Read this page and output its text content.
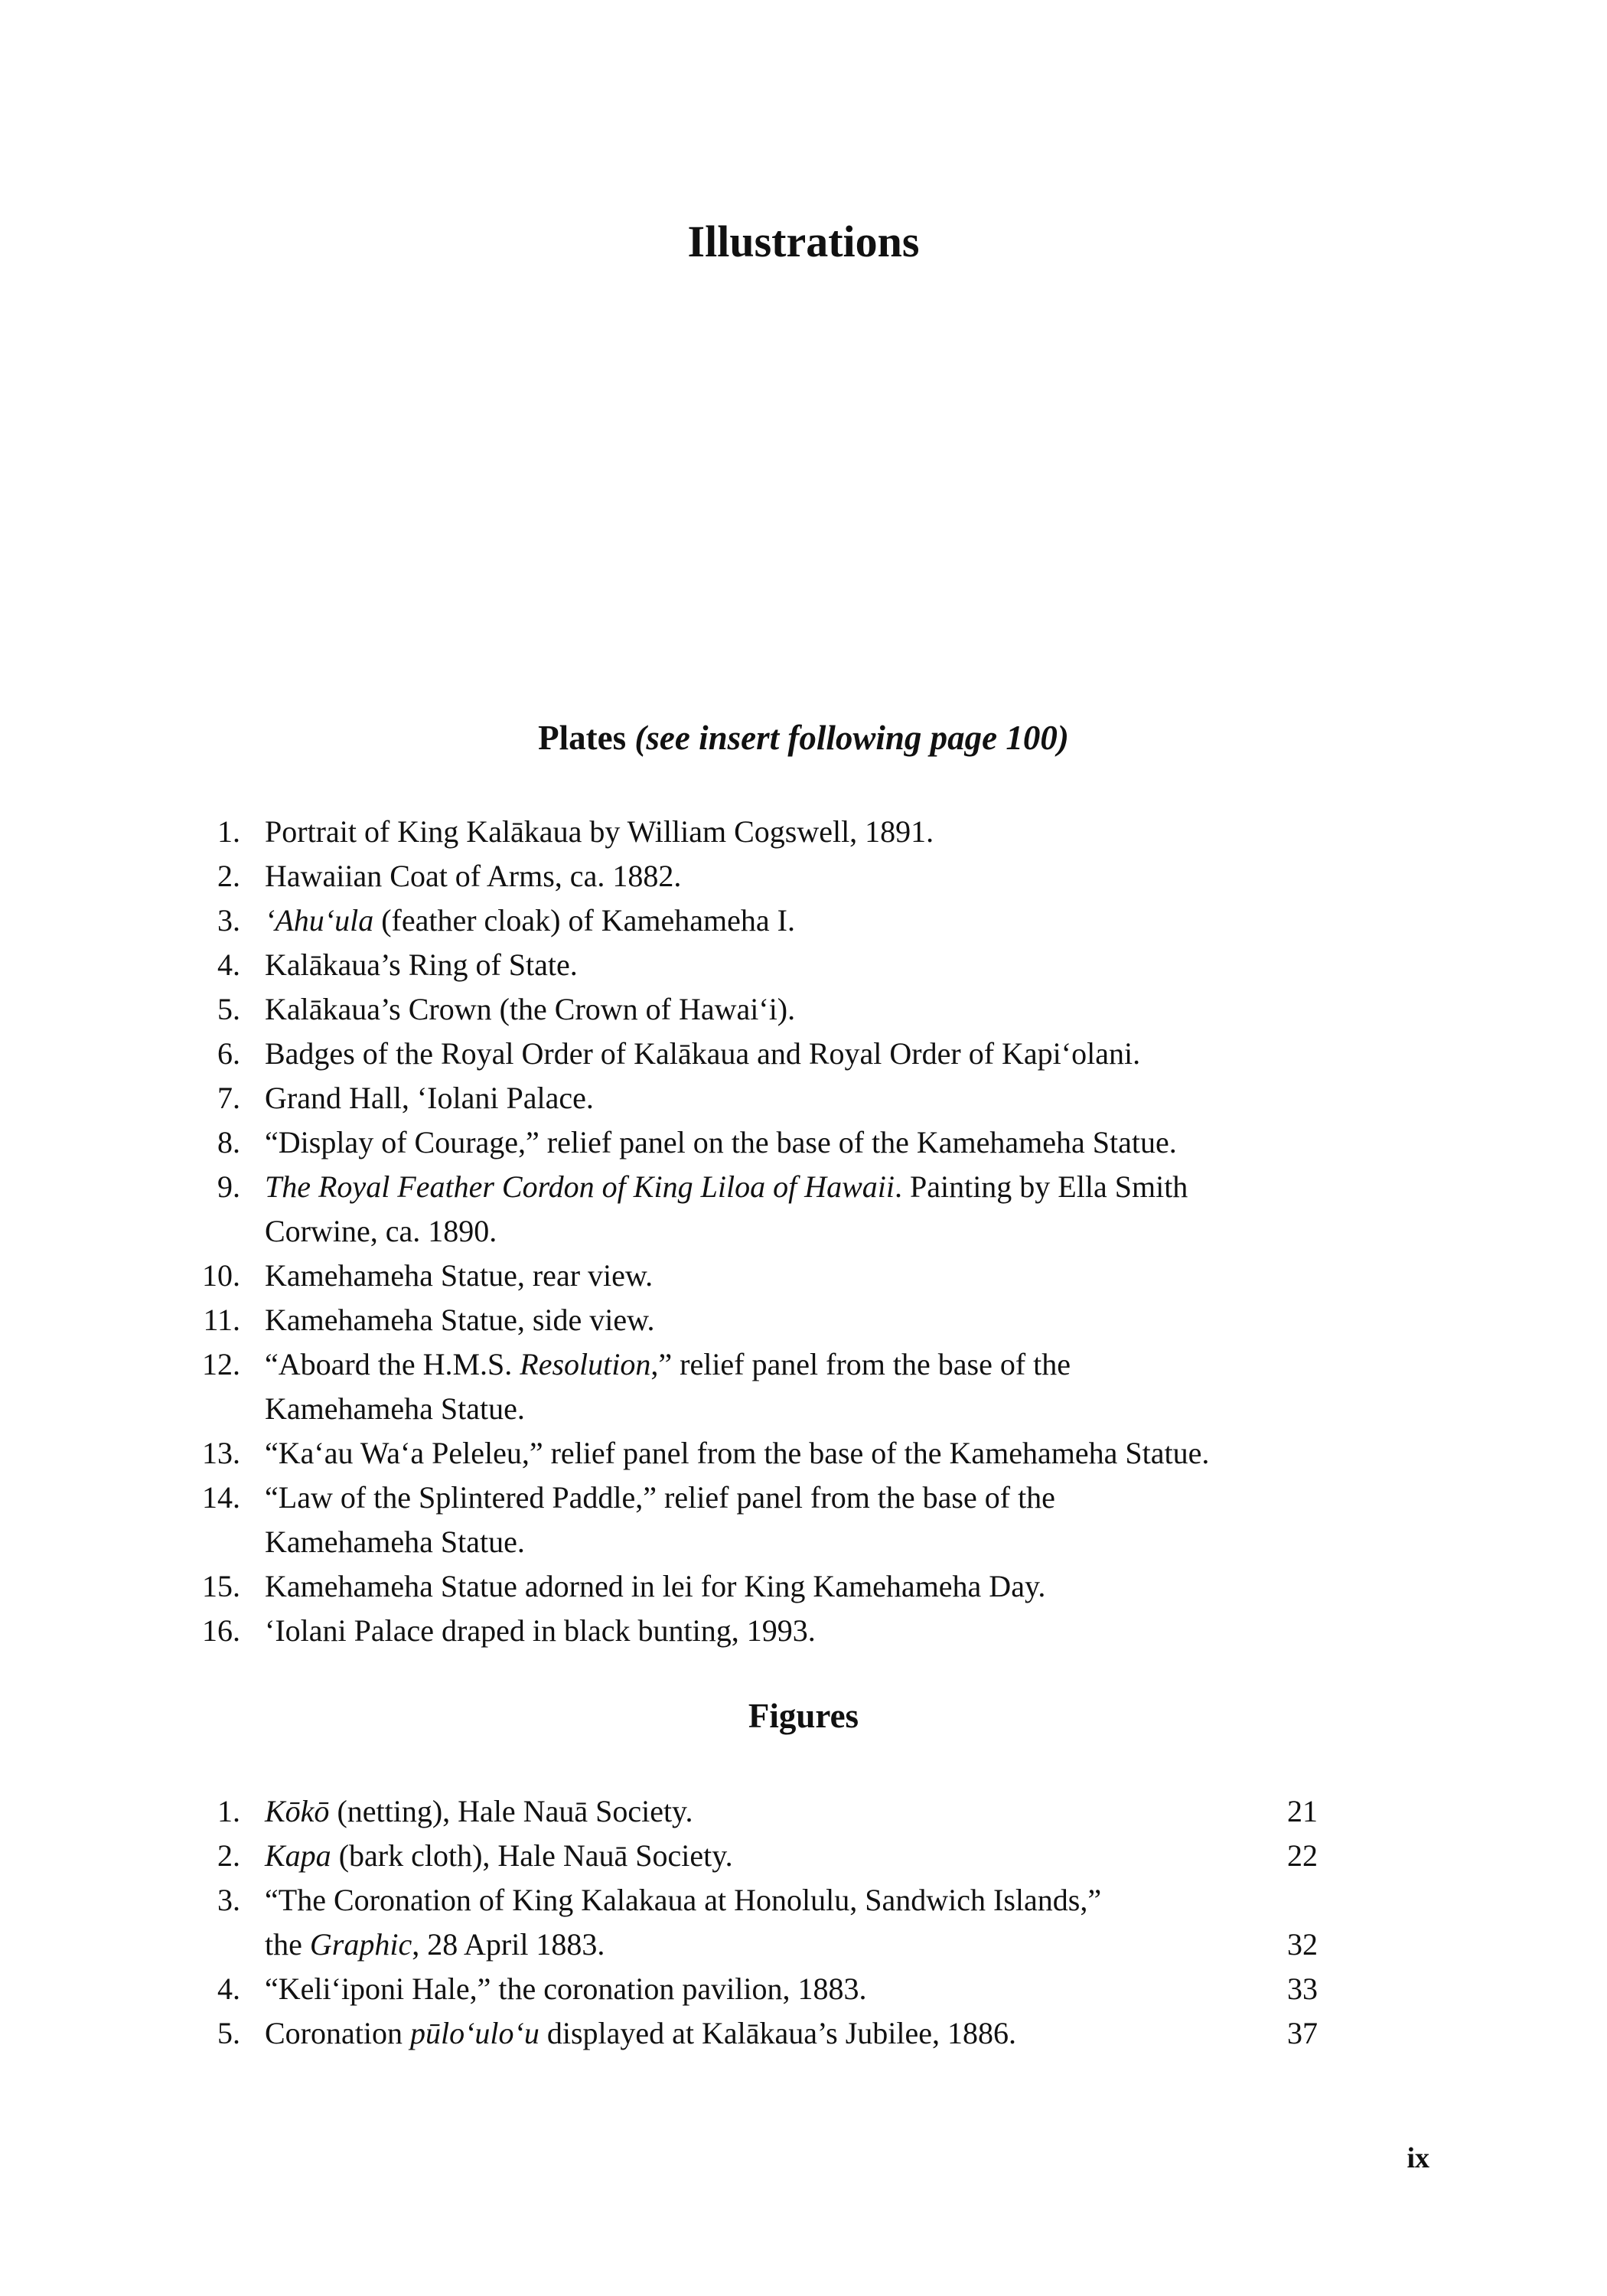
Illustrations
Plates (see insert following page 100)
1. Portrait of King Kalākaua by William Cogswell, 1891.
2. Hawaiian Coat of Arms, ca. 1882.
3. ʻAhuʻula (feather cloak) of Kamehameha I.
4. Kalākaua’s Ring of State.
5. Kalākaua’s Crown (the Crown of Hawaiʻi).
6. Badges of the Royal Order of Kalākaua and Royal Order of Kapiʻolani.
7. Grand Hall, ʻIolani Palace.
8. “Display of Courage,” relief panel on the base of the Kamehameha Statue.
9. The Royal Feather Cordon of King Liloa of Hawaii. Painting by Ella Smith
Corwine, ca. 1890.
10. Kamehameha Statue, rear view.
11. Kamehameha Statue, side view.
12. “Aboard the H.M.S. Resolution,” relief panel from the base of the
Kamehameha Statue.
13. “Kaʻau Waʻa Peleleu,” relief panel from the base of the Kamehameha Statue.
14. “Law of the Splintered Paddle,” relief panel from the base of the
Kamehameha Statue.
15. Kamehameha Statue adorned in lei for King Kamehameha Day.
16. ʻIolani Palace draped in black bunting, 1993.
Figures
1. Kōkō (netting), Hale Nauā Society.	21
2. Kapa (bark cloth), Hale Nauā Society.	22
3. “The Coronation of King Kalakaua at Honolulu, Sandwich Islands,”
the Graphic, 28 April 1883.	32
4. “Keliʻiponi Hale,” the coronation pavilion, 1883.	33
5. Coronation pūloʻuloʻu displayed at Kalākaua’s Jubilee, 1886.	37

ix
